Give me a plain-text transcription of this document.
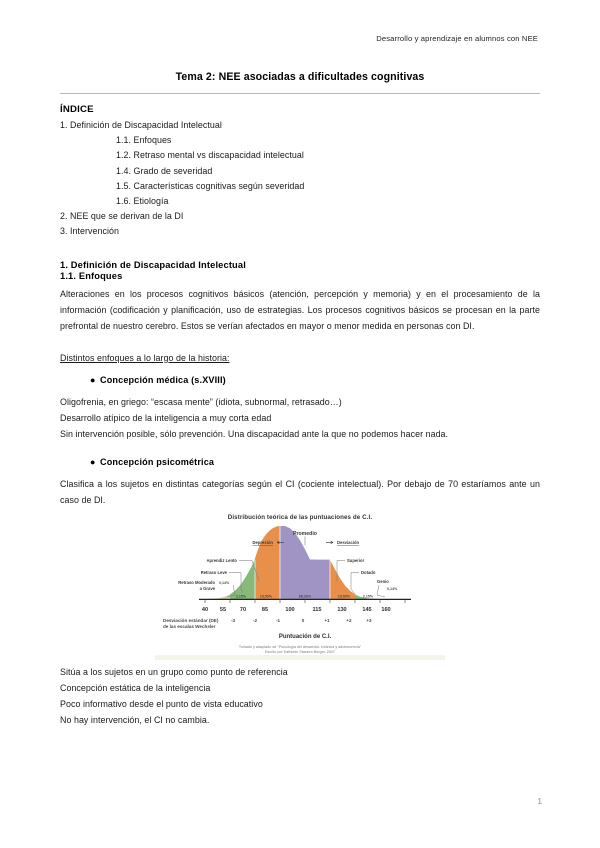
Desarrollo y aprendizaje en alumnos con NEE
Tema 2: NEE asociadas a dificultades cognitivas
ÍNDICE
1. Definición de Discapacidad Intelectual
1.1. Enfoques
1.2. Retraso mental vs discapacidad intelectual
1.4. Grado de severidad
1.5. Características cognitivas según severidad
1.6. Etiología
2. NEE que se derivan de la DI
3. Intervención
1. Definición de Discapacidad Intelectual
1.1. Enfoques

Alteraciones en los procesos cognitivos básicos (atención, percepción y memoria) y en el procesamiento de la información (codificación y planificación, uso de estrategias. Los procesos cognitivos básicos se procesan en la parte prefrontal de nuestro cerebro. Estos se verían afectados en mayor o menor medida en personas con DI.

Distintos enfoques a lo largo de la historia:
● Concepción médica (s.XVIII)

Oligofrenia, en griego: “escasa mente” (idiota, subnormal, retrasado…)

Desarrollo atípico de la inteligencia a muy corta edad

Sin intervención posible, sólo prevención. Una discapacidad ante la que no podemos hacer nada.

● Concepción psicométrica

Clasifica a los sujetos en distintas categorías según el CI (cociente intelectual). Por debajo de 70 estaríamos ante un caso de DI.

Distribución teórica de las puntuaciones de C.I.
2,15%	13,59%	68,26%	13,59%	2,15%
Promedio
Depresión	Desviación
Aprendiz Lento
Retraso Leve
Retraso Moderado
a Grave
0,14%
Superior
Dotado
Genio
0,14%
40 55 70	85	100	115	130	145 160
Desviación estándar (DE)
de las escalas Wechsler
-3	-2	-1	0	+1	+2	+3
Puntuación de C.I.
Tomado y adaptado de "Psicología del desarrollo. Infancia y adolescencia"
Escrito por Kathleen Stassen Berger, 2007

Sitúa a los sujetos en un grupo como punto de referencia

Concepción estática de la inteligencia

Poco informativo desde el punto de vista educativo

No hay intervención, el CI no cambia.

1
